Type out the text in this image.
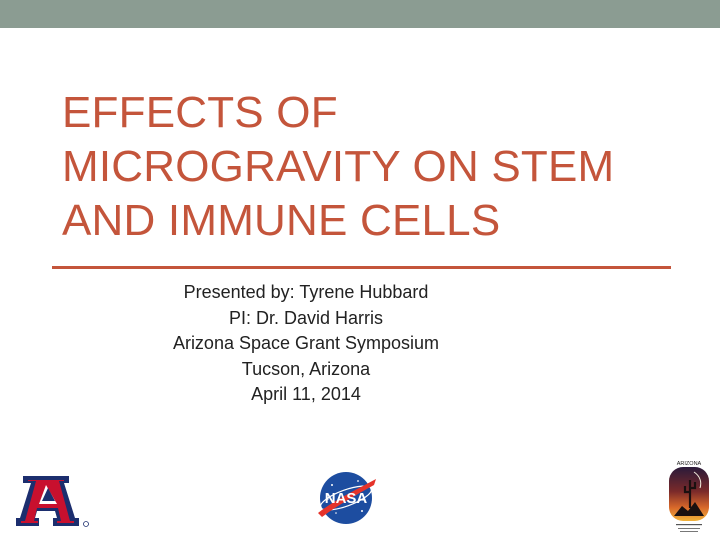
EFFECTS OF
MICROGRAVITY ON STEM
AND IMMUNE CELLS
Presented by: Tyrene Hubbard
PI: Dr. David Harris
Arizona Space Grant Symposium
Tucson, Arizona
April 11, 2014
NASA
ARIZONA
